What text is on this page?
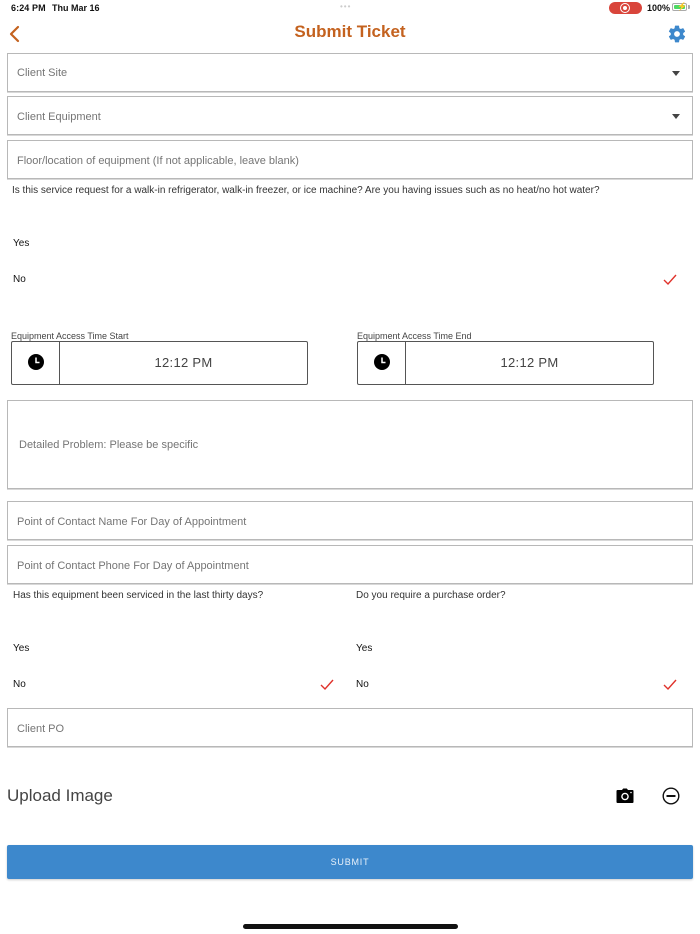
6:24 PM Thu Mar 16	•••	100% ⚡
Submit Ticket
Client Site
Client Equipment
Floor/location of equipment (If not applicable, leave blank)
Is this service request for a walk-in refrigerator, walk-in freezer, or ice machine? Are you having issues such as no heat/no hot water?
Yes
No
Equipment Access Time Start
12:12 PM
Equipment Access Time End
12:12 PM
Detailed Problem: Please be specific
Point of Contact Name For Day of Appointment
Point of Contact Phone For Day of Appointment
Has this equipment been serviced in the last thirty days?
Yes
No
Do you require a purchase order?
Yes
No
Client PO
Upload Image
SUBMIT
